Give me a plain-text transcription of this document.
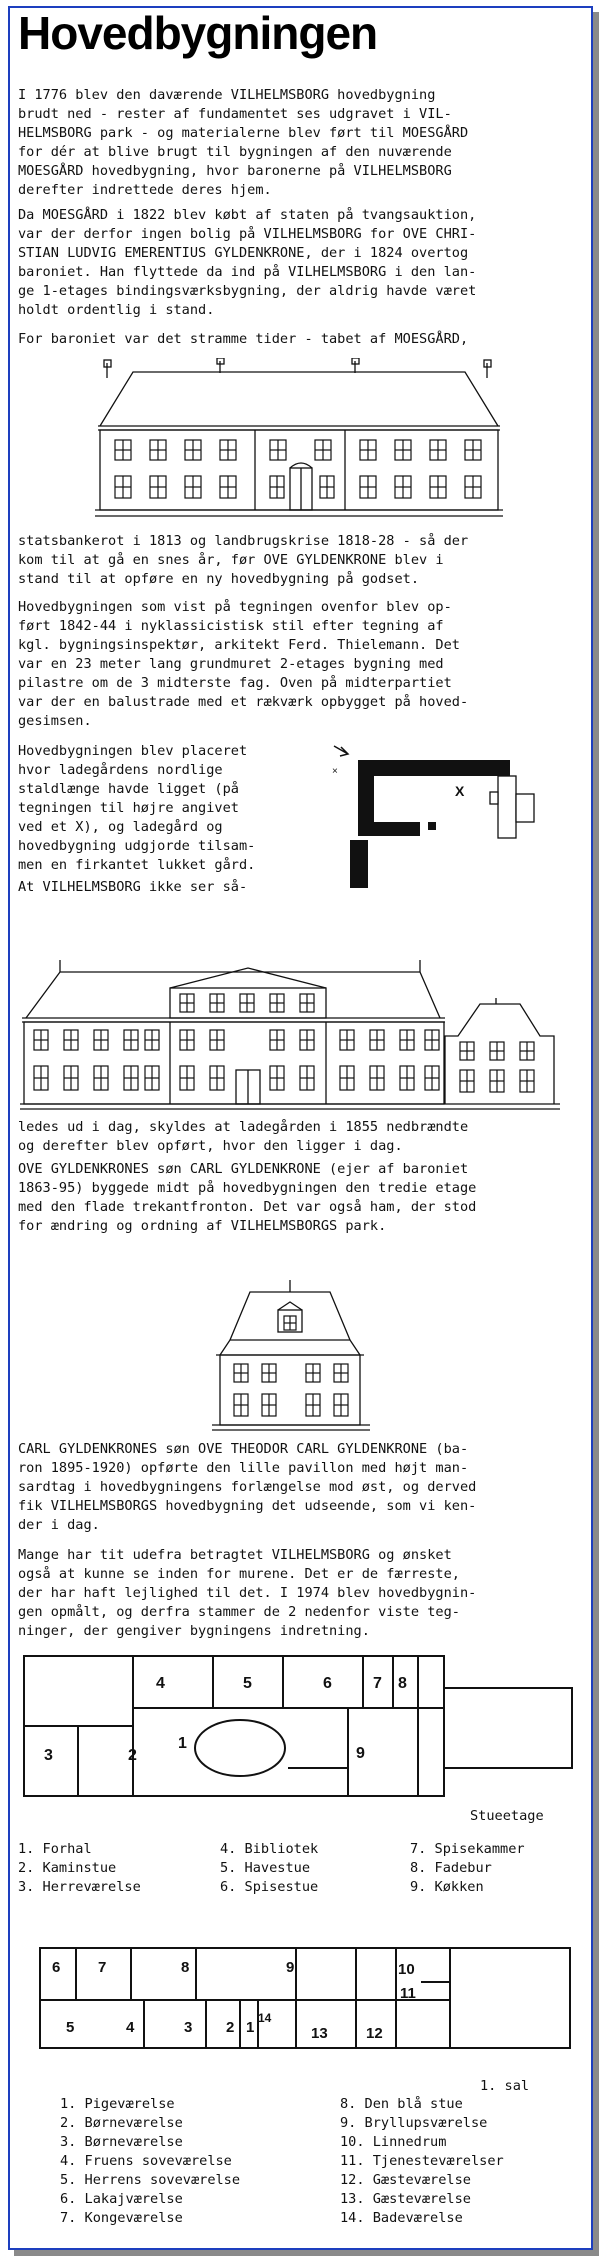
Hovedbygningen

I 1776 blev den daværende VILHELMSBORG hovedbygning
brudt ned - rester af fundamentet ses udgravet i VIL-
HELMSBORG park - og materialerne blev ført til MOESGÅRD
for dér at blive brugt til bygningen af den nuværende
MOESGÅRD hovedbygning, hvor baronerne på VILHELMSBORG
derefter indrettede deres hjem.

Da MOESGÅRD i 1822 blev købt af staten på tvangsauktion,
var der derfor ingen bolig på VILHELMSBORG for OVE CHRI-
STIAN LUDVIG EMERENTIUS GYLDENKRONE, der i 1824 overtog
baroniet. Han flyttede da ind på VILHELMSBORG i den lan-
ge 1-etages bindingsværksbygning, der aldrig havde været
holdt ordentlig i stand.

For baroniet var det stramme tider - tabet af MOESGÅRD,

statsbankerot i 1813 og landbrugskrise 1818-28 - så der
kom til at gå en snes år, før OVE GYLDENKRONE blev i
stand til at opføre en ny hovedbygning på godset.

Hovedbygningen som vist på tegningen ovenfor blev op-
ført 1842-44 i nyklassicistisk stil efter tegning af
kgl. bygningsinspektør, arkitekt Ferd. Thielemann. Det
var en 23 meter lang grundmuret 2-etages bygning med
pilastre om de 3 midterste fag. Oven på midterpartiet
var der en balustrade med et rækværk opbygget på hoved-
gesimsen.

Hovedbygningen blev placeret
hvor ladegårdens nordlige
staldlænge havde ligget (på
tegningen til højre angivet
ved et X), og ladegård og
hovedbygning udgjorde tilsam-
men en firkantet lukket gård.

At VILHELMSBORG ikke ser så-

X
×

ledes ud i dag, skyldes at ladegården i 1855 nedbrændte
og derefter blev opført, hvor den ligger i dag.

OVE GYLDENKRONES søn CARL GYLDENKRONE (ejer af baroniet
1863-95) byggede midt på hovedbygningen den tredie etage
med den flade trekantfronton. Det var også ham, der stod
for ændring og ordning af VILHELMSBORGS park.

CARL GYLDENKRONES søn OVE THEODOR CARL GYLDENKRONE (ba-
ron 1895-1920) opførte den lille pavillon med højt man-
sardtag i hovedbygningens forlængelse mod øst, og derved
fik VILHELMSBORGS hovedbygning det udseende, som vi ken-
der i dag.

Mange har tit udefra betragtet VILHELMSBORG og ønsket
også at kunne se inden for murene. Det er de færreste,
der har haft lejlighed til det. I 1974 blev hovedbygnin-
gen opmålt, og derfra stammer de 2 nedenfor viste teg-
ninger, der gengiver bygningens indretning.

1
2
3
4	5	6	7 8
9
Stueetage
1. Forhal
2. Kaminstue
3. Herreværelse
4. Bibliotek
5. Havestue
6. Spisestue
7. Spisekammer
8. Fadebur
9. Køkken
1
2
3
4
5
6	7	8	9	10
11
12
13
14
1. sal
1. Pigeværelse
2. Børneværelse
3. Børneværelse
4. Fruens soveværelse
5. Herrens soveværelse
6. Lakajværelse
7. Kongeværelse
8. Den blå stue
9. Bryllupsværelse
10. Linnedrum
11. Tjenesteværelser
12. Gæsteværelse
13. Gæsteværelse
14. Badeværelse
